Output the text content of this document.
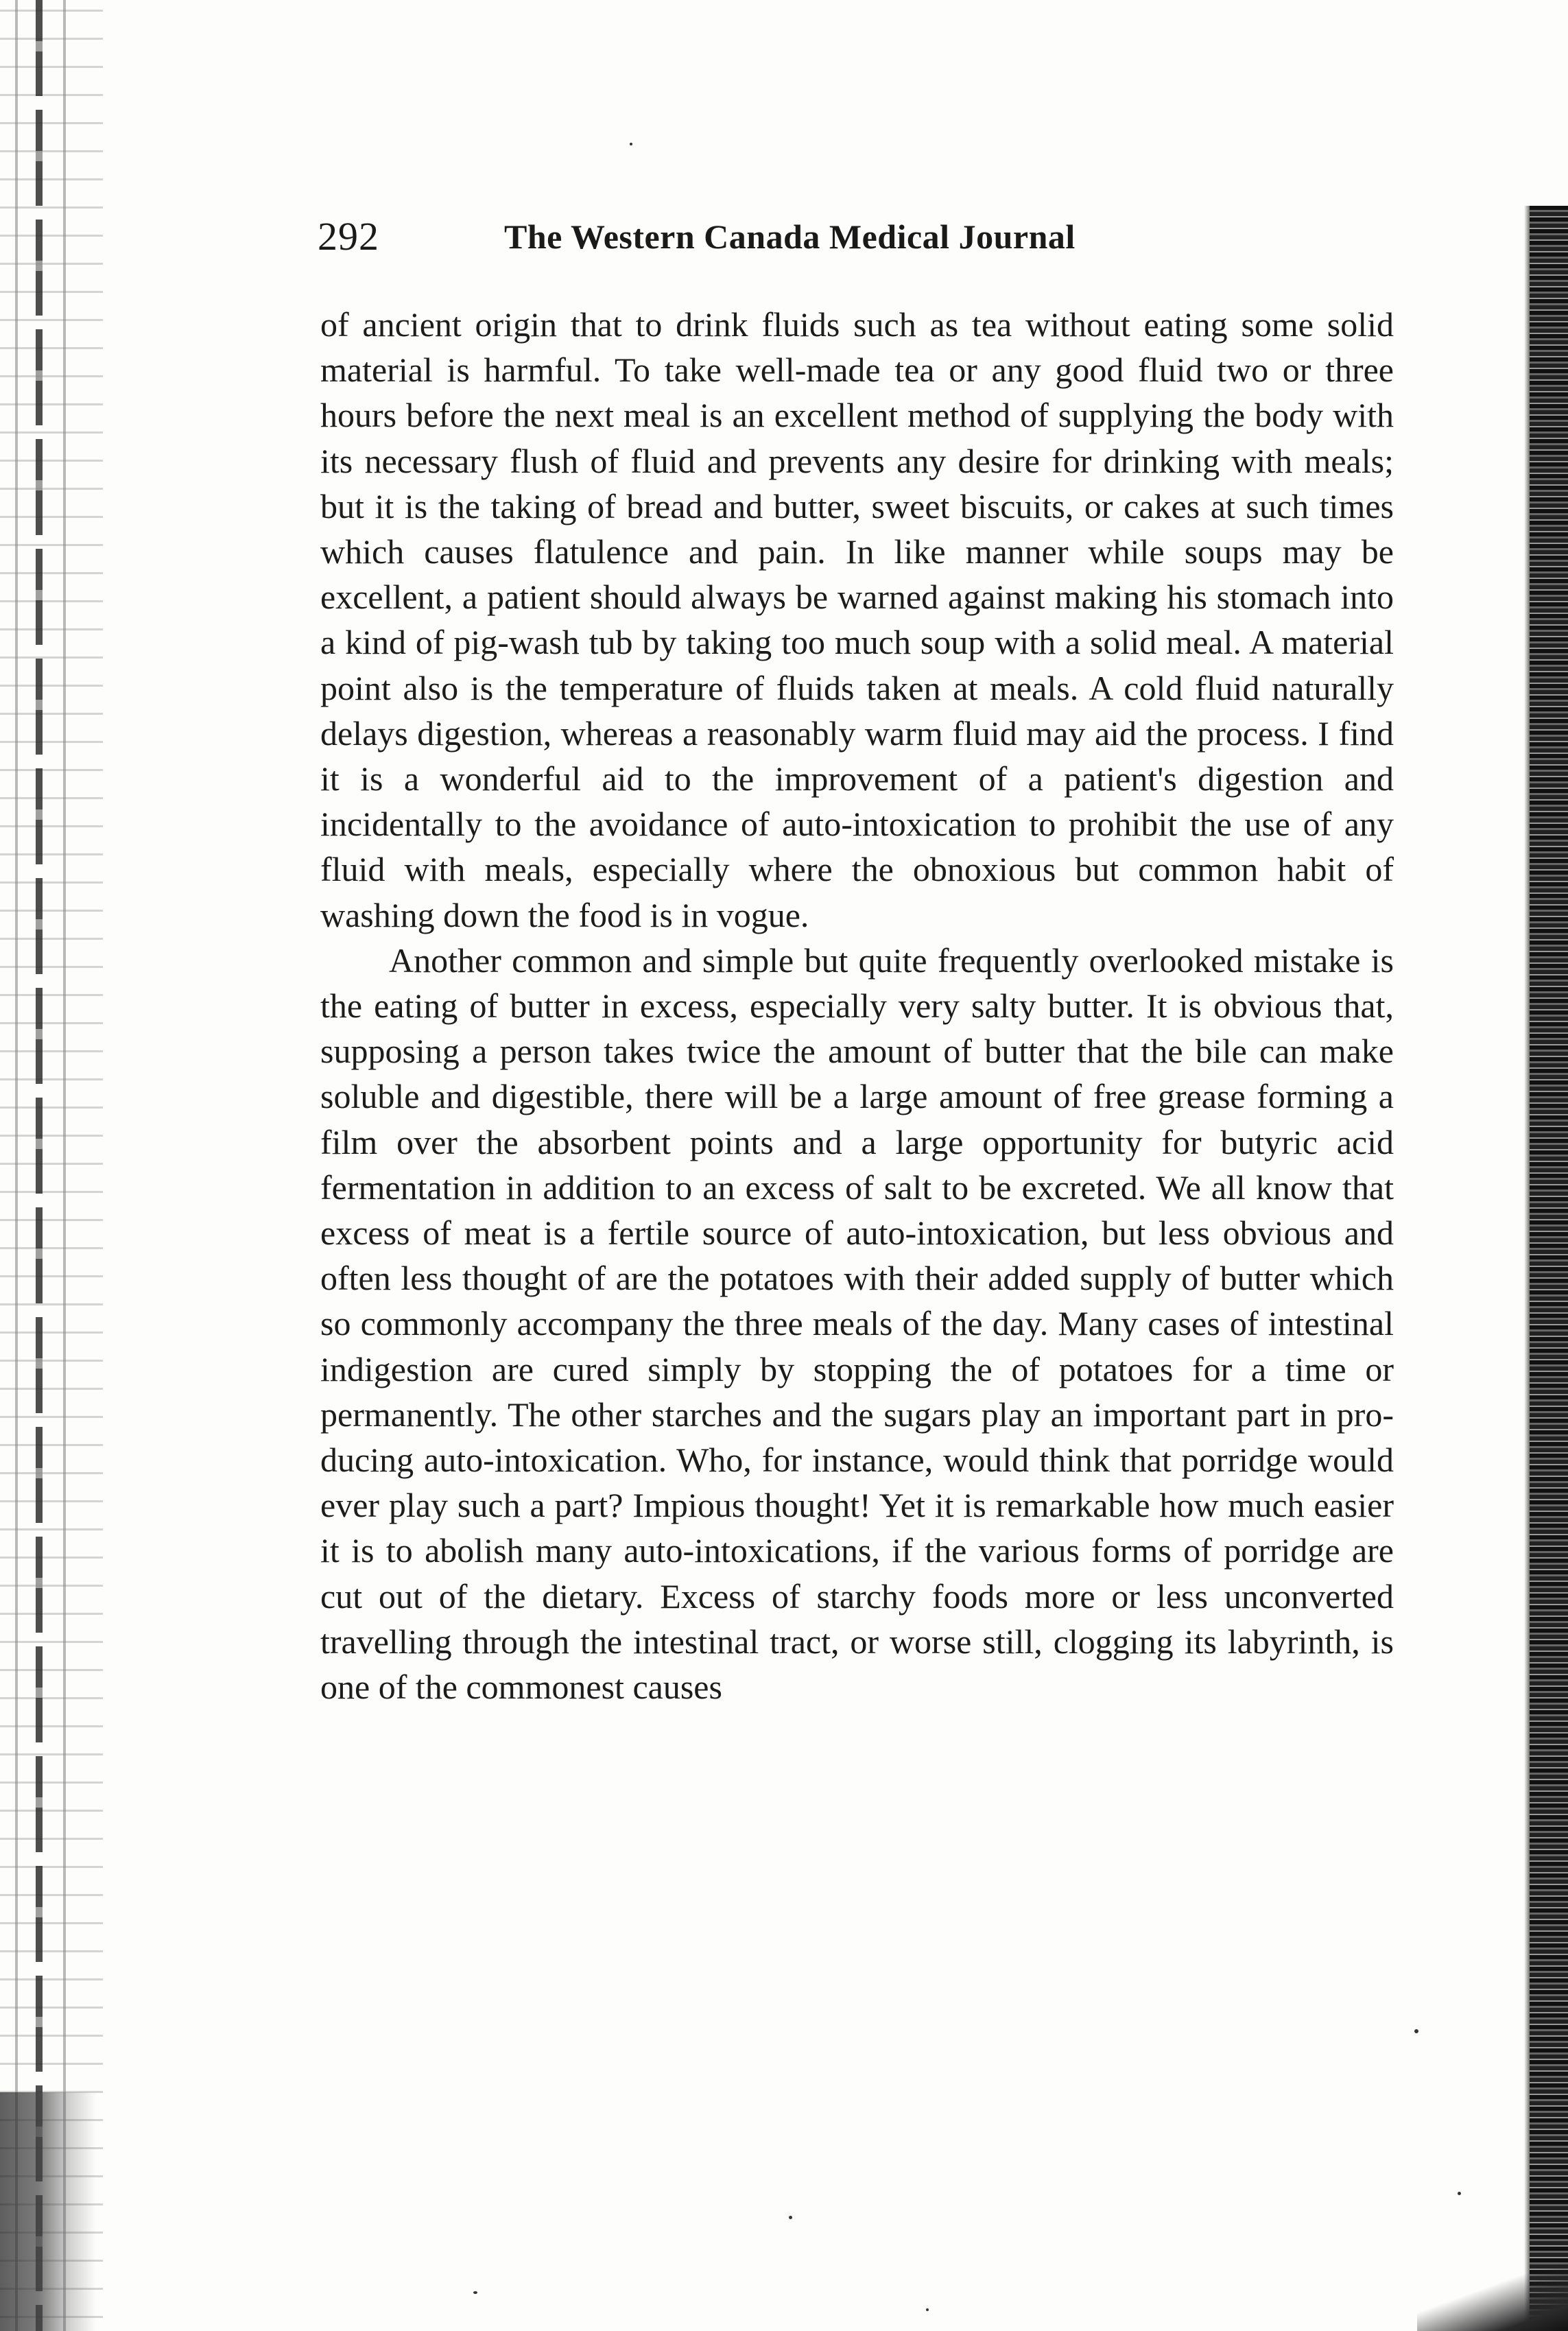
292	The Western Canada Medical Journal

of ancient origin that to drink fluids such as tea without eating some solid material is harmful. To take well-made tea or any good fluid two or three hours before the next meal is an excellent method of supplying the body with its necessary flush of fluid and prevents any desire for drinking with meals; but it is the taking of bread and butter, sweet biscuits, or cakes at such times which causes flatulence and pain. In like manner while soups may be excellent, a patient should always be warned against making his stomach into a kind of pig-wash tub by taking too much soup with a solid meal. A material point also is the temperature of fluids taken at meals. A cold fluid naturally delays digestion, whereas a reasonably warm fluid may aid the process. I find it is a wonderful aid to the improvement of a patient's digestion and incidentally to the avoidance of auto-intoxication to prohibit the use of any fluid with meals, especially where the obnoxious but common habit of washing down the food is in vogue.

Another common and simple but quite frequently overlooked mistake is the eating of butter in excess, especially very salty butter. It is obvious that, supposing a person takes twice the amount of butter that the bile can make soluble and digestible, there will be a large amount of free grease forming a film over the absorbent points and a large opportunity for butyric acid fermentation in addition to an excess of salt to be excreted. We all know that excess of meat is a fertile source of auto-intoxication, but less obvious and often less thought of are the potatoes with their added supply of butter which so commonly accompany the three meals of the day. Many cases of intestinal indigestion are cured simply by stopping the of potatoes for a time or permanently. The other starches and the sugars play an important part in producing auto-intoxication. Who, for instance, would think that porridge would ever play such a part? Impious thought! Yet it is remarkable how much easier it is to abolish many auto-intoxications, if the various forms of porridge are cut out of the dietary. Excess of starchy foods more or less unconverted travelling through the intestinal tract, or worse still, clogging its labyrinth, is one of the commonest causes
